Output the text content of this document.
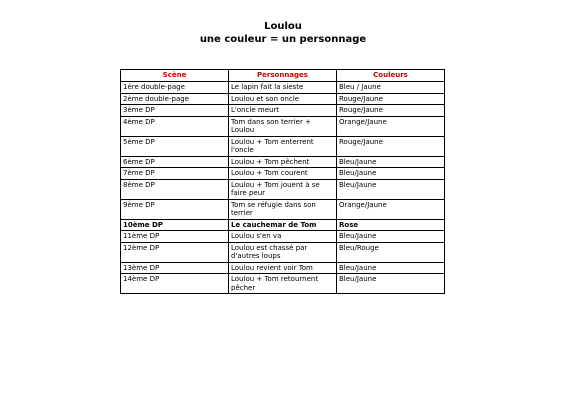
Loulou
une couleur = un personnage
Scène	Personnages	Couleurs
1ère double-page	Le lapin fait la sieste	Bleu / Jaune
2ème double-page	Loulou et son oncle	Rouge/Jaune
3ème DP	L'oncle meurt	Rouge/Jaune
4ème DP	Tom dans son terrier + Loulou	Orange/Jaune
5ème DP	Loulou + Tom enterrent l'oncle	Rouge/Jaune
6ème DP	Loulou + Tom pêchent	Bleu/Jaune
7ème DP	Loulou + Tom courent	Bleu/Jaune
8ème DP	Loulou + Tom jouent à se faire peur	Bleu/Jaune
9ème DP	Tom se réfugie dans son terrier	Orange/Jaune
10ème DP	Le cauchemar de Tom	Rose
11ème DP	Loulou s'en va	Bleu/Jaune
12ème DP	Loulou est chassé par d'autres loups	Bleu/Rouge
13ème DP	Loulou revient voir Tom	Bleu/Jaune
14ème DP	Loulou + Tom retournent pêcher	Bleu/Jaune
